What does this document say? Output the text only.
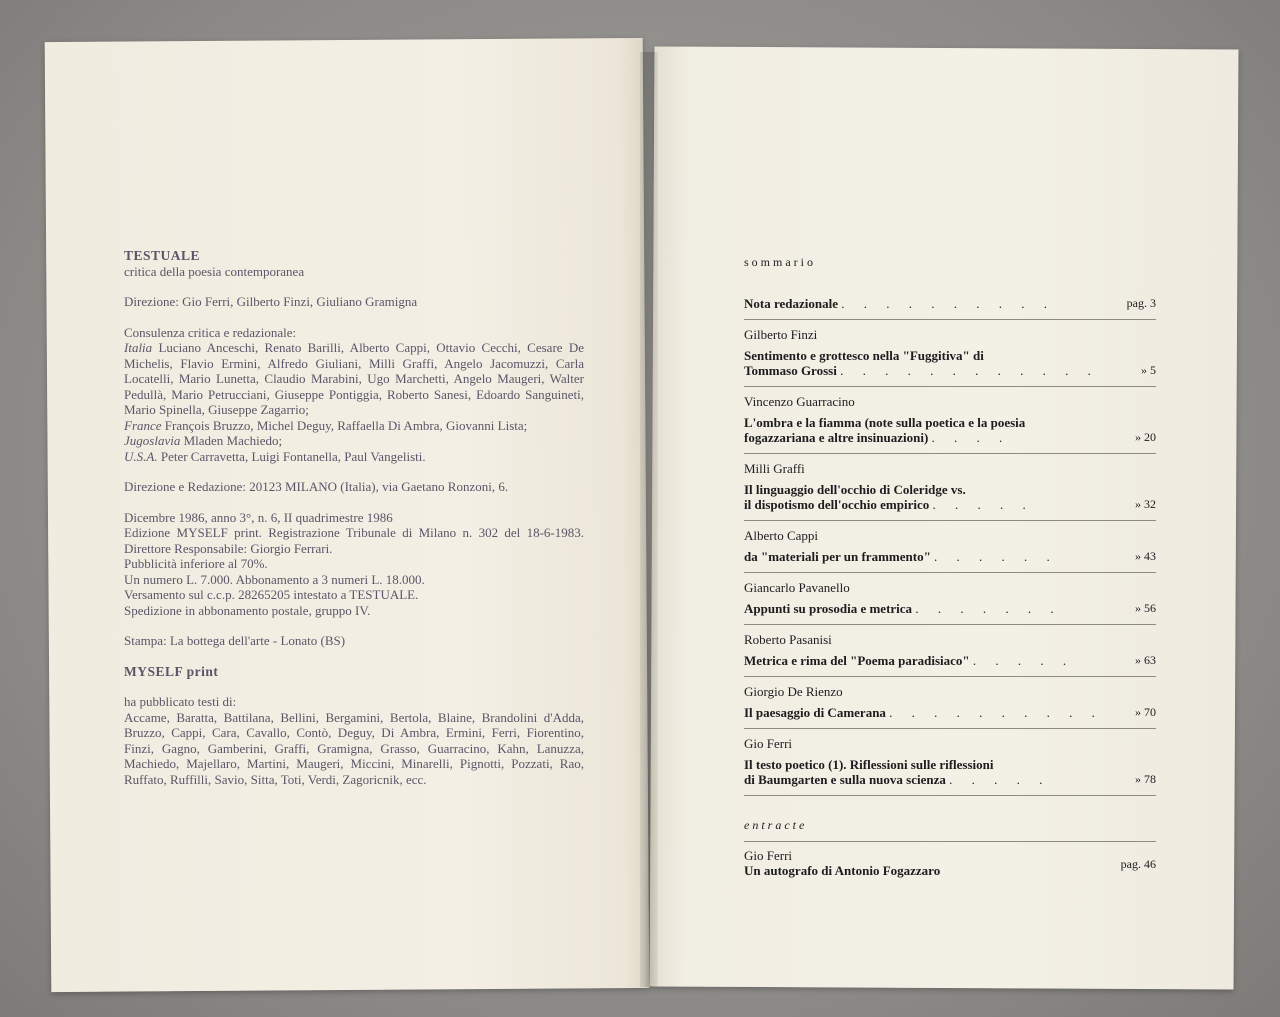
TESTUALE
critica della poesia contemporanea
Direzione: Gio Ferri, Gilberto Finzi, Giuliano Gramigna
Consulenza critica e redazionale:
Italia Luciano Anceschi, Renato Barilli, Alberto Cappi, Ottavio Cecchi, Cesare De Michelis, Flavio Ermini, Alfredo Giuliani, Milli Graffi, Angelo Jacomuzzi, Carla Locatelli, Mario Lunetta, Claudio Marabini, Ugo Marchetti, Angelo Maugeri, Walter Pedullà, Mario Petrucciani, Giuseppe Pontiggia, Roberto Sanesi, Edoardo Sanguineti, Mario Spinella, Giuseppe Zagarrio;
France François Bruzzo, Michel Deguy, Raffaella Di Ambra, Giovanni Lista;
Jugoslavia Mladen Machiedo;
U.S.A. Peter Carravetta, Luigi Fontanella, Paul Vangelisti.
Direzione e Redazione: 20123 MILANO (Italia), via Gaetano Ronzoni, 6.
Dicembre 1986, anno 3°, n. 6, II quadrimestre 1986
Edizione MYSELF print. Registrazione Tribunale di Milano n. 302 del 18-6-1983. Direttore Responsabile: Giorgio Ferrari.
Pubblicità inferiore al 70%.
Un numero L. 7.000. Abbonamento a 3 numeri L. 18.000.
Versamento sul c.c.p. 28265205 intestato a TESTUALE.
Spedizione in abbonamento postale, gruppo IV.
Stampa: La bottega dell'arte - Lonato (BS)
MYSELF print
ha pubblicato testi di:
Accame, Baratta, Battilana, Bellini, Bergamini, Bertola, Blaine, Brandolini d'Adda, Bruzzo, Cappi, Cara, Cavallo, Contò, Deguy, Di Ambra, Ermini, Ferri, Fiorentino, Finzi, Gagno, Gamberini, Graffi, Gramigna, Grasso, Guarracino, Kahn, Lanuzza, Machiedo, Majellaro, Martini, Maugeri, Miccini, Minarelli, Pignotti, Pozzati, Rao, Ruffato, Ruffilli, Savio, Sitta, Toti, Verdi, Zagoricnik, ecc.
sommario
Nota redazionale . . . . . . . . . .	pag. 3
Gilberto Finzi
Sentimento e grottesco nella "Fuggitiva" di
Tommaso Grossi . . . . . . . . . . . .	» 5
Vincenzo Guarracino
L'ombra e la fiamma (note sulla poetica e la poesia
fogazzariana e altre insinuazioni) . . . .	» 20
Milli Graffi
Il linguaggio dell'occhio di Coleridge vs.
il dispotismo dell'occhio empirico . . . . .	» 32
Alberto Cappi
da "materiali per un frammento" . . . . . .	» 43
Giancarlo Pavanello
Appunti su prosodia e metrica . . . . . . .	» 56
Roberto Pasanisi
Metrica e rima del "Poema paradisiaco" . . . . .	» 63
Giorgio De Rienzo
Il paesaggio di Camerana . . . . . . . . . .	» 70
Gio Ferri
Il testo poetico (1). Riflessioni sulle riflessioni
di Baumgarten e sulla nuova scienza . . . . .	» 78
entracte
Gio Ferri
Un autografo di Antonio Fogazzaro	pag. 46
